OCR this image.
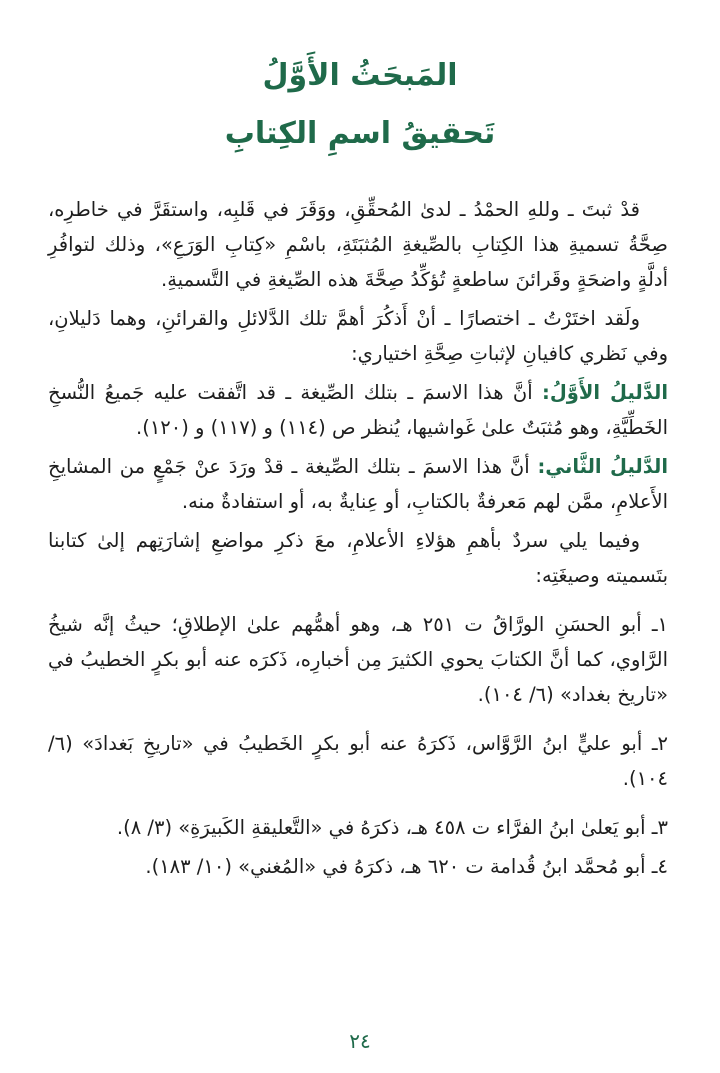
المَبحَثُ الأَوَّلُ
تَحقيقُ اسمِ الكِتابِ

قدْ ثبتَ ـ وللهِ الحمْدُ ـ لدىٰ المُحقِّقِ، ووَقَرَ في قَلبِه، واستقَرَّ في خاطرِه، صِحَّةُ تسميةِ هذا الكِتابِ بالصِّيغةِ المُثبَتَةِ، باسْمِ «كِتابِ الوَرَعِ»، وذلك لتوافُرِ أدلَّةٍ واضحَةٍ وقَرائنَ ساطعةٍ تُؤكِّدُ صِحَّةَ هذه الصِّيغةِ في التَّسميةِ.

ولَقد اختَرْتُ ـ اختصارًا ـ أنْ أَذكُرَ أهمَّ تلك الدَّلائلِ والقرائنِ، وهما دَليلانِ، وفي نَظري كافيانِ لإثباتِ صِحَّةِ اختياري:

الدَّليلُ الأَوَّلُ: أنَّ هذا الاسمَ ـ بتلك الصِّيغة ـ قد اتَّفقت عليه جَميعُ النُّسخِ الخَطِّيَّةِ، وهو مُثبَتٌ علىٰ غَواشيها، يُنظر ص (١١٤) و (١١٧) و (١٢٠).

الدَّليلُ الثَّاني: أنَّ هذا الاسمَ ـ بتلك الصِّيغة ـ قدْ ورَدَ عنْ جَمْعٍ من المشايخِ الأَعلامِ، ممَّن لهم مَعرفةٌ بالكتابِ، أو عِنايةٌ به، أو استفادةٌ منه.

وفيما يلي سردٌ بأهمِ هؤلاءِ الأعلامِ، معَ ذكرِ مواضعِ إشارَتِهم إلىٰ كتابنا بتَسميته وصيغَتِه:

١ـ أبو الحسَنِ الورَّاقُ ت ٢٥١ هـ، وهو أهمُّهم علىٰ الإطلاقِ؛ حيثُ إنَّه شيخُ الرَّاوي، كما أنَّ الكتابَ يحوي الكثيرَ مِن أخبارِه، ذَكرَه عنه أبو بكرٍ الخطيبُ في «تاريخ بغداد» (٦/ ١٠٤).

٢ـ أبو عليٍّ ابنُ الرَّوَّاس، ذَكرَهُ عنه أبو بكرٍ الخَطيبُ في «تاريخِ بَغدادَ» (٦/ ١٠٤).

٣ـ أبو يَعلىٰ ابنُ الفرَّاء ت ٤٥٨ هـ، ذكرَهُ في «التَّعليقةِ الكَبيرَةِ» (٣/ ٨).

٤ـ أبو مُحمَّد ابنُ قُدامة ت ٦٢٠ هـ، ذكرَهُ في «المُغني» (١٠/ ١٨٣).

٢٤
